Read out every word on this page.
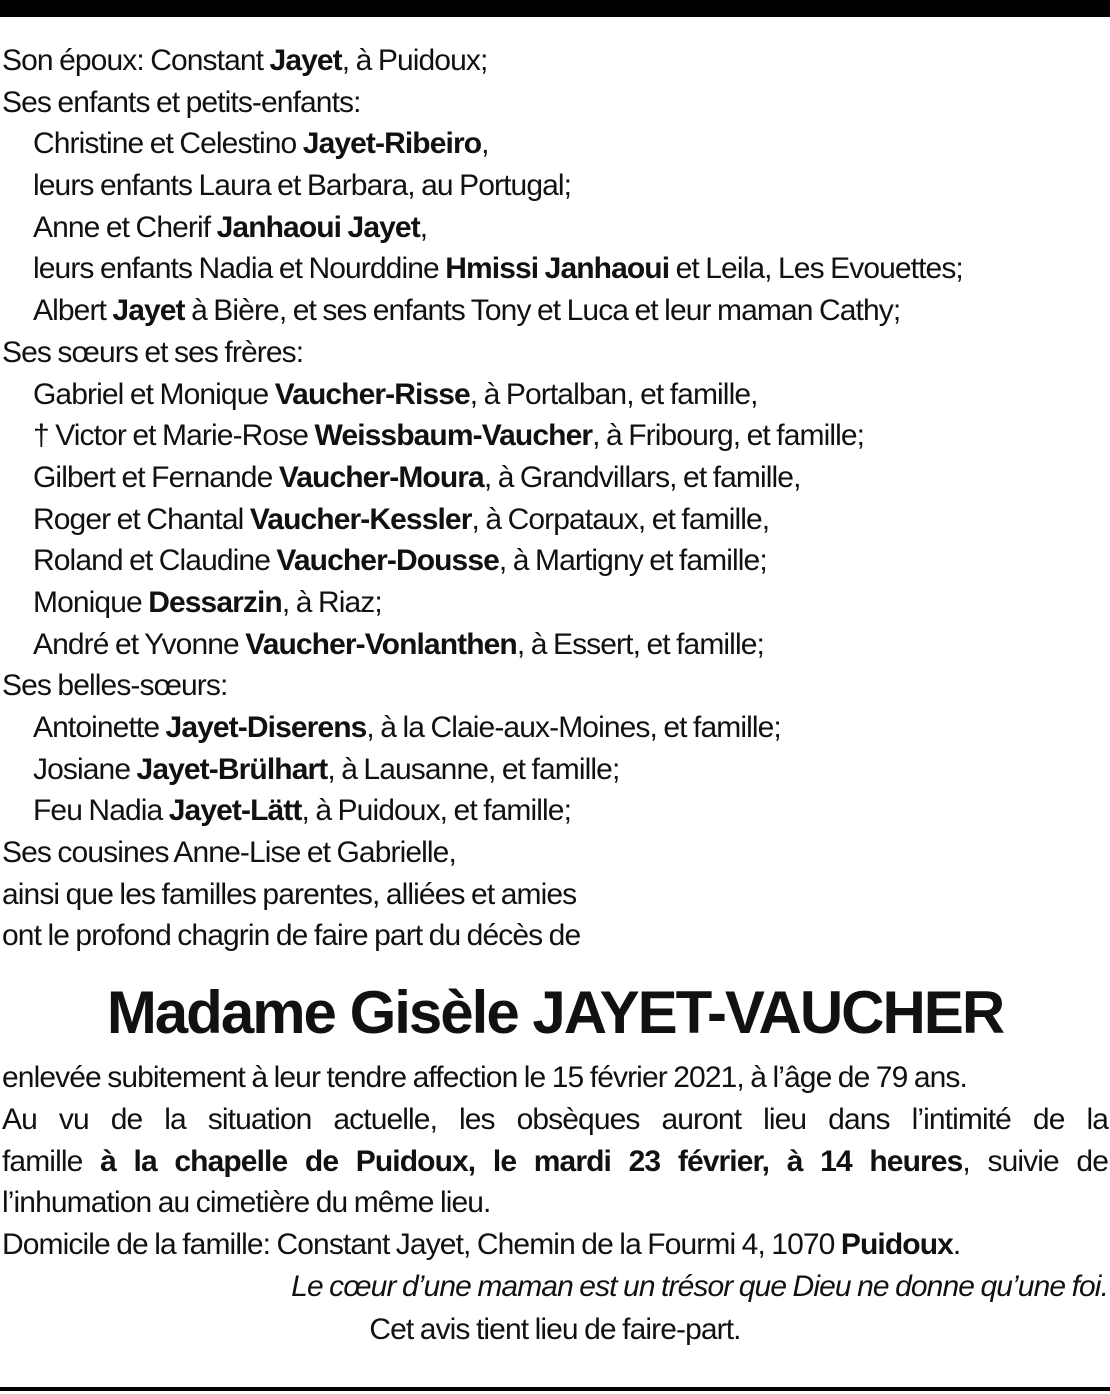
Son époux: Constant Jayet, à Puidoux;
Ses enfants et petits-enfants:
Christine et Celestino Jayet-Ribeiro,
leurs enfants Laura et Barbara, au Portugal;
Anne et Cherif Janhaoui Jayet,
leurs enfants Nadia et Nourddine Hmissi Janhaoui et Leila, Les Evouettes;
Albert Jayet à Bière, et ses enfants Tony et Luca et leur maman Cathy;
Ses sœurs et ses frères:
Gabriel et Monique Vaucher-Risse, à Portalban, et famille,
† Victor et Marie-Rose Weissbaum-Vaucher, à Fribourg, et famille;
Gilbert et Fernande Vaucher-Moura, à Grandvillars, et famille,
Roger et Chantal Vaucher-Kessler, à Corpataux, et famille,
Roland et Claudine Vaucher-Dousse, à Martigny et famille;
Monique Dessarzin, à Riaz;
André et Yvonne Vaucher-Vonlanthen, à Essert, et famille;
Ses belles-sœurs:
Antoinette Jayet-Diserens, à la Claie-aux-Moines, et famille;
Josiane Jayet-Brülhart, à Lausanne, et famille;
Feu Nadia Jayet-Lätt, à Puidoux, et famille;
Ses cousines Anne-Lise et Gabrielle,
ainsi que les familles parentes, alliées et amies
ont le profond chagrin de faire part du décès de
Madame Gisèle JAYET-VAUCHER
enlevée subitement à leur tendre affection le 15 février 2021, à l’âge de 79 ans.
Au vu de la situation actuelle, les obsèques auront lieu dans l’intimité de la
famille à la chapelle de Puidoux, le mardi 23 février, à 14 heures, suivie de
l’inhumation au cimetière du même lieu.
Domicile de la famille: Constant Jayet, Chemin de la Fourmi 4, 1070 Puidoux.
Le cœur d’une maman est un trésor que Dieu ne donne qu’une foi.
Cet avis tient lieu de faire-part.
